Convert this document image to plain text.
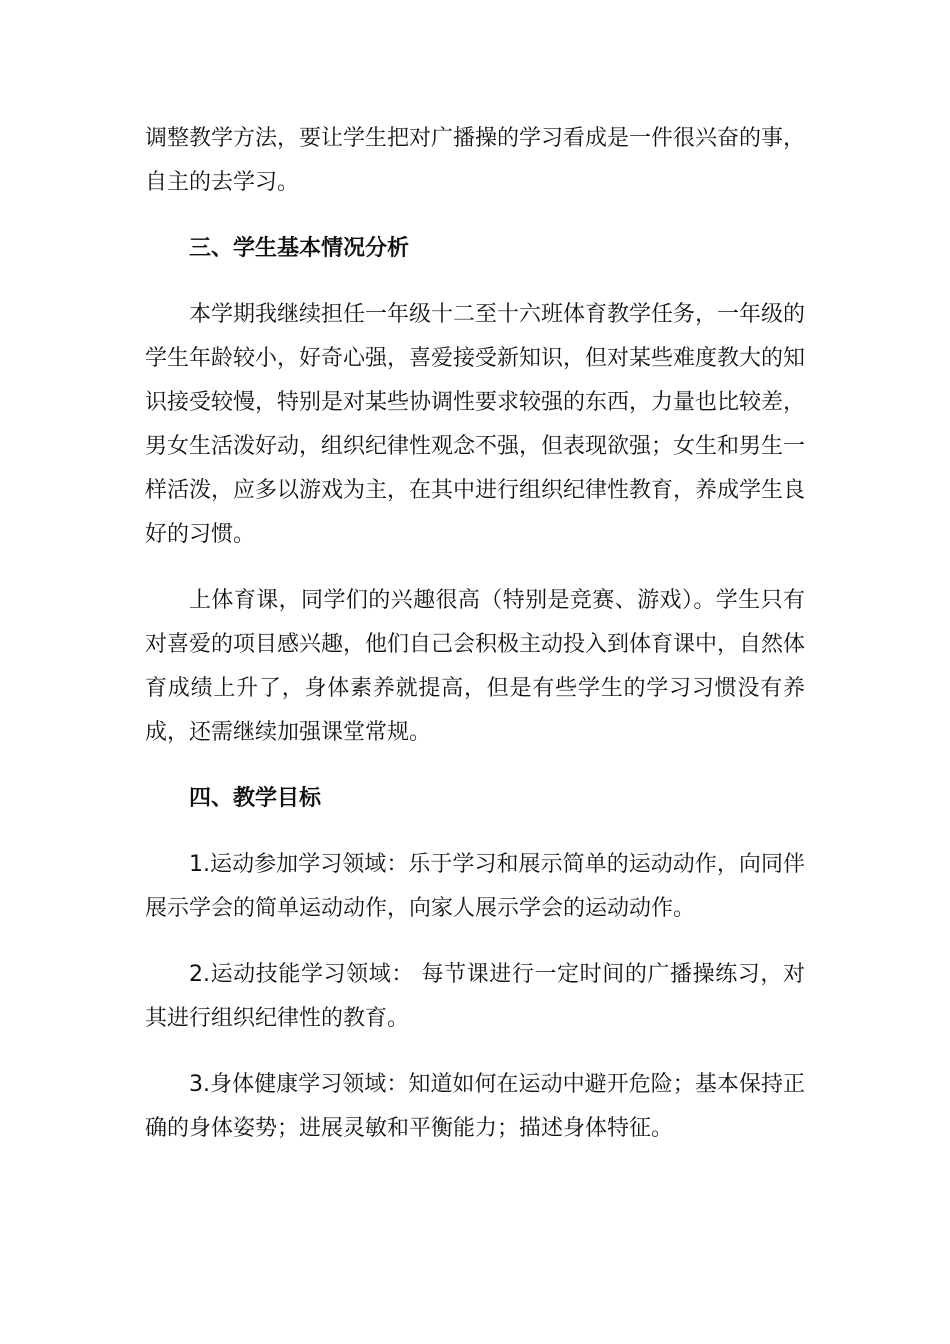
调整教学方法，要让学生把对广播操的学习看成是一件很兴奋的事，自主的去学习。

三、学生基本情况分析

本学期我继续担任一年级十二至十六班体育教学任务，一年级的学生年龄较小，好奇心强，喜爱接受新知识，但对某些难度教大的知识接受较慢，特别是对某些协调性要求较强的东西，力量也比较差，男女生活泼好动，组织纪律性观念不强，但表现欲强；女生和男生一样活泼，应多以游戏为主，在其中进行组织纪律性教育，养成学生良好的习惯。

上体育课，同学们的兴趣很高（特别是竞赛、游戏）。学生只有对喜爱的项目感兴趣，他们自己会积极主动投入到体育课中，自然体育成绩上升了，身体素养就提高，但是有些学生的学习习惯没有养成，还需继续加强课堂常规。

四、教学目标

1.运动参加学习领域：乐于学习和展示简单的运动动作，向同伴展示学会的简单运动动作，向家人展示学会的运动动作。

2.运动技能学习领域： 每节课进行一定时间的广播操练习，对其进行组织纪律性的教育。

3.身体健康学习领域：知道如何在运动中避开危险；基本保持正确的身体姿势；进展灵敏和平衡能力；描述身体特征。
